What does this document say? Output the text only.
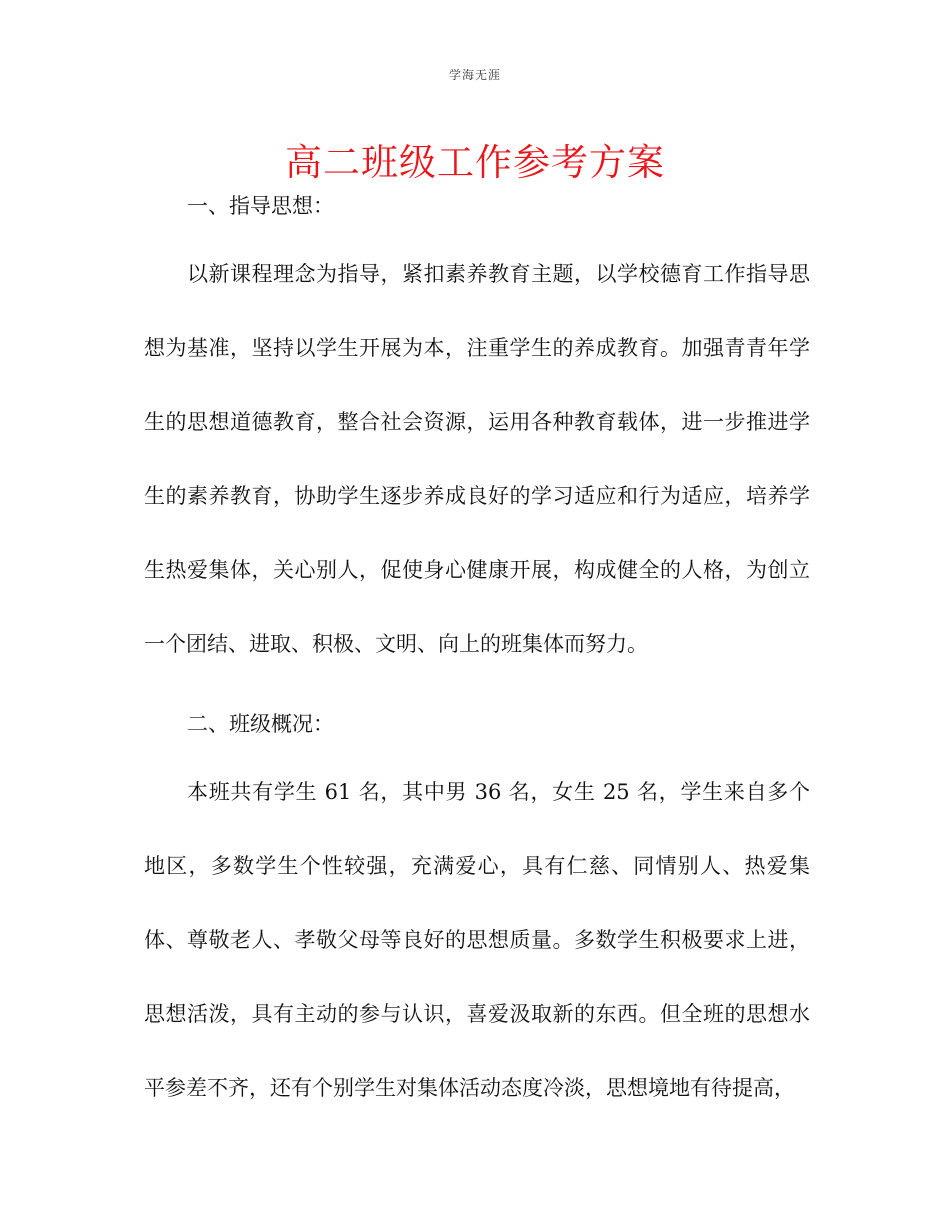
学海无涯
高二班级工作参考方案

一、指导思想：

以新课程理念为指导，紧扣素养教育主题，以学校德育工作指导思想为基准，坚持以学生开展为本，注重学生的养成教育。加强青青年学生的思想道德教育，整合社会资源，运用各种教育载体，进一步推进学生的素养教育，协助学生逐步养成良好的学习适应和行为适应，培养学生热爱集体，关心别人，促使身心健康开展，构成健全的人格，为创立一个团结、进取、积极、文明、向上的班集体而努力。

二、班级概况：

本班共有学生 61 名，其中男 36 名，女生 25 名，学生来自多个地区，多数学生个性较强，充满爱心，具有仁慈、同情别人、热爱集体、尊敬老人、孝敬父母等良好的思想质量。多数学生积极要求上进，思想活泼，具有主动的参与认识，喜爱汲取新的东西。但全班的思想水平参差不齐，还有个别学生对集体活动态度冷淡，思想境地有待提高，
